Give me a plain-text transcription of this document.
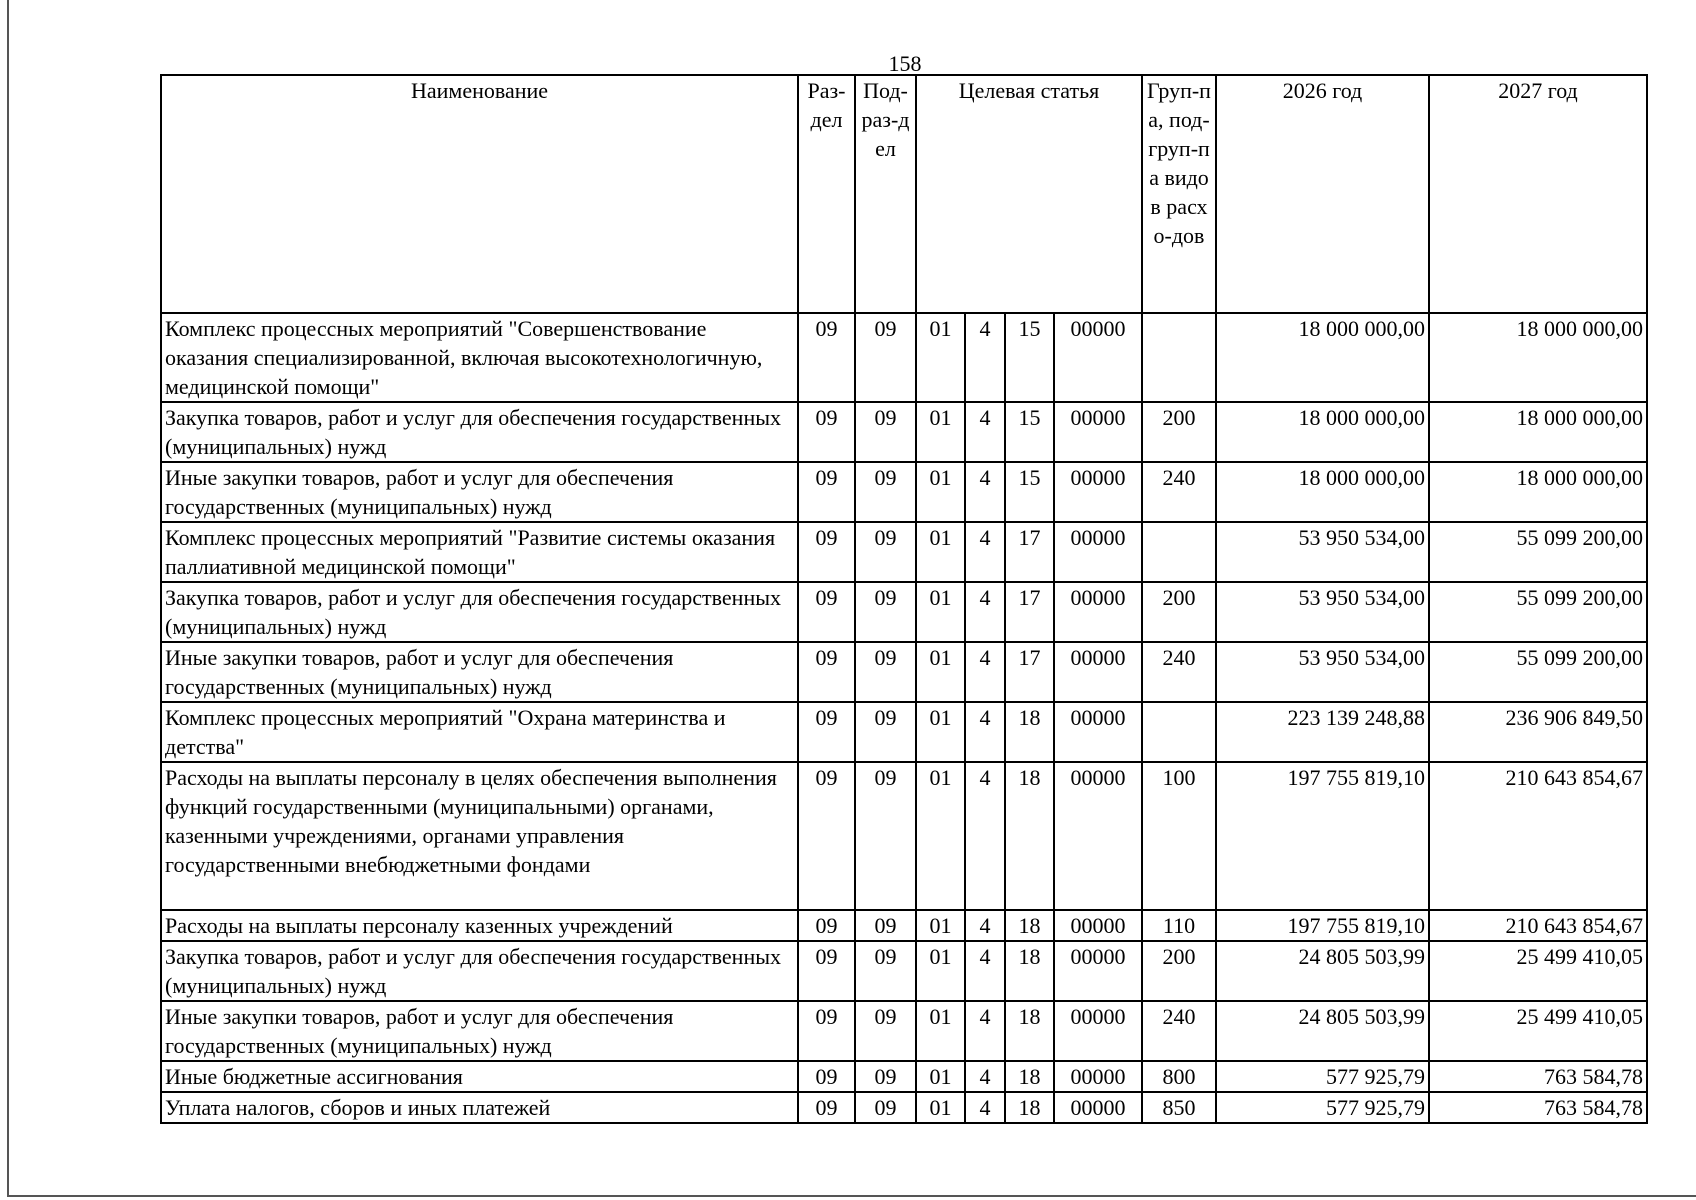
158
Наименование	Раз-дел	Под-раз-дел	Целевая статья				Груп-па, под-груп-па видов расхо-дов	2026 год	2027 год
Комплекс процессных мероприятий "Совершенствование оказания специализированной, включая высокотехнологичную, медицинской помощи"	09	09	01	4	15	00000		18 000 000,00	18 000 000,00
Закупка товаров, работ и услуг для обеспечения государственных (муниципальных) нужд	09	09	01	4	15	00000	200	18 000 000,00	18 000 000,00
Иные закупки товаров, работ и услуг для обеспечения государственных (муниципальных) нужд	09	09	01	4	15	00000	240	18 000 000,00	18 000 000,00
Комплекс процессных мероприятий "Развитие системы оказания паллиативной медицинской помощи"	09	09	01	4	17	00000		53 950 534,00	55 099 200,00
Закупка товаров, работ и услуг для обеспечения государственных (муниципальных) нужд	09	09	01	4	17	00000	200	53 950 534,00	55 099 200,00
Иные закупки товаров, работ и услуг для обеспечения государственных (муниципальных) нужд	09	09	01	4	17	00000	240	53 950 534,00	55 099 200,00
Комплекс процессных мероприятий "Охрана материнства и детства"	09	09	01	4	18	00000		223 139 248,88	236 906 849,50
Расходы на выплаты персоналу в целях обеспечения выполнения функций государственными (муниципальными) органами, казенными учреждениями, органами управления государственными внебюджетными фондами	09	09	01	4	18	00000	100	197 755 819,10	210 643 854,67
Расходы на выплаты персоналу казенных учреждений	09	09	01	4	18	00000	110	197 755 819,10	210 643 854,67
Закупка товаров, работ и услуг для обеспечения государственных (муниципальных) нужд	09	09	01	4	18	00000	200	24 805 503,99	25 499 410,05
Иные закупки товаров, работ и услуг для обеспечения государственных (муниципальных) нужд	09	09	01	4	18	00000	240	24 805 503,99	25 499 410,05
Иные бюджетные ассигнования	09	09	01	4	18	00000	800	577 925,79	763 584,78
Уплата налогов, сборов и иных платежей	09	09	01	4	18	00000	850	577 925,79	763 584,78
